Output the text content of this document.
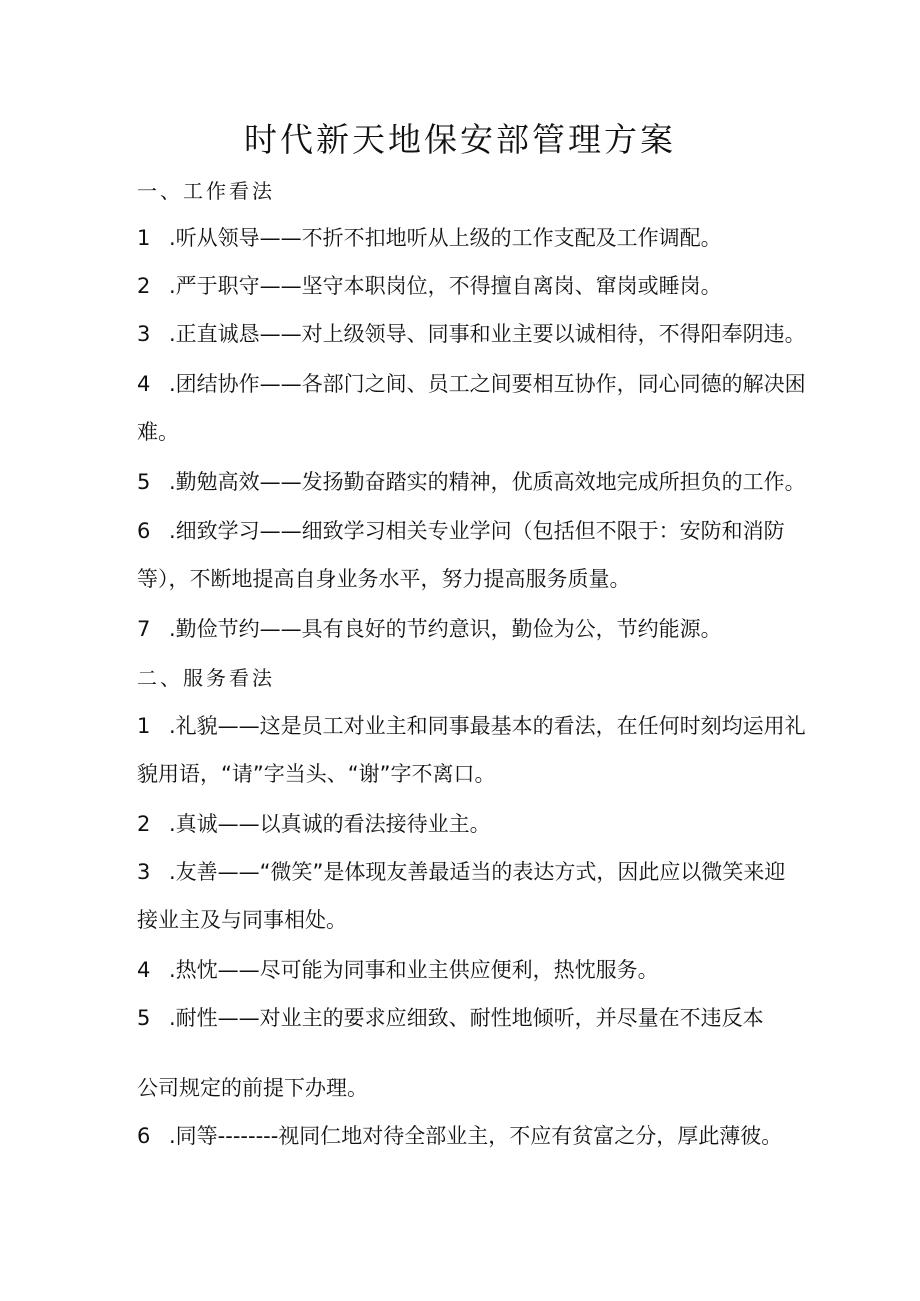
时代新天地保安部管理方案
一、工作看法

1 .听从领导——不折不扣地听从上级的工作支配及工作调配。

2 .严于职守——坚守本职岗位，不得擅自离岗、窜岗或睡岗。

3 .正直诚恳——对上级领导、同事和业主要以诚相待，不得阳奉阴违。

4 .团结协作——各部门之间、员工之间要相互协作，同心同德的解决困
难。

5 .勤勉高效——发扬勤奋踏实的精神，优质高效地完成所担负的工作。

6 .细致学习——细致学习相关专业学问（包括但不限于：安防和消防
等），不断地提高自身业务水平，努力提高服务质量。

7 .勤俭节约——具有良好的节约意识，勤俭为公，节约能源。

二、服务看法

1 .礼貌——这是员工对业主和同事最基本的看法，在任何时刻均运用礼
貌用语，“请”字当头、“谢”字不离口。

2 .真诚——以真诚的看法接待业主。

3 .友善——“微笑”是体现友善最适当的表达方式，因此应以微笑来迎
接业主及与同事相处。

4 .热忱——尽可能为同事和业主供应便利，热忱服务。

5 .耐性——对业主的要求应细致、耐性地倾听，并尽量在不违反本

公司规定的前提下办理。

6 .同等--------视同仁地对待全部业主，不应有贫富之分，厚此薄彼。
